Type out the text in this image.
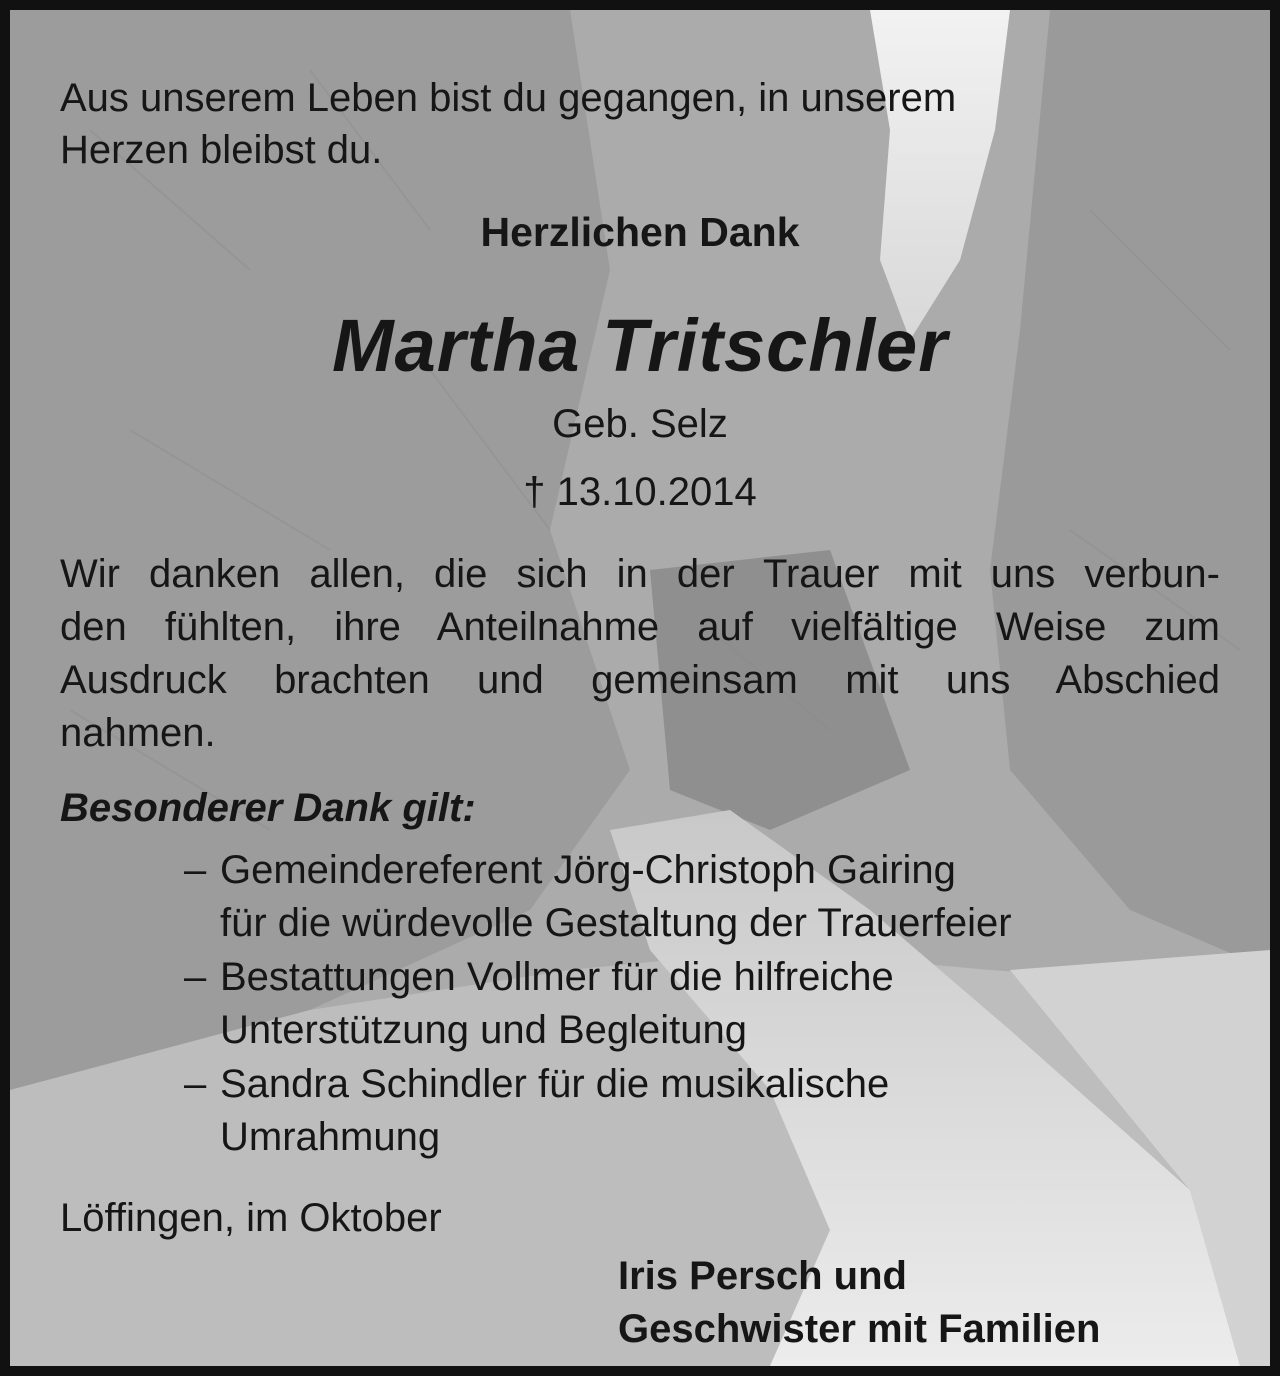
Aus unserem Leben bist du gegangen, in unserem
Herzen bleibst du.
Herzlichen Dank
Martha Tritschler
Geb. Selz
† 13.10.2014
Wir danken allen, die sich in der Trauer mit uns verbun-
den fühlten, ihre Anteilnahme auf vielfältige Weise zum
Ausdruck brachten und gemeinsam mit uns Abschied
nahmen.
Besonderer Dank gilt:
– Gemeindereferent Jörg-Christoph Gairing
für die würdevolle Gestaltung der Trauerfeier
– Bestattungen Vollmer für die hilfreiche
Unterstützung und Begleitung
– Sandra Schindler für die musikalische
Umrahmung
Löffingen, im Oktober
Iris Persch und
Geschwister mit Familien
